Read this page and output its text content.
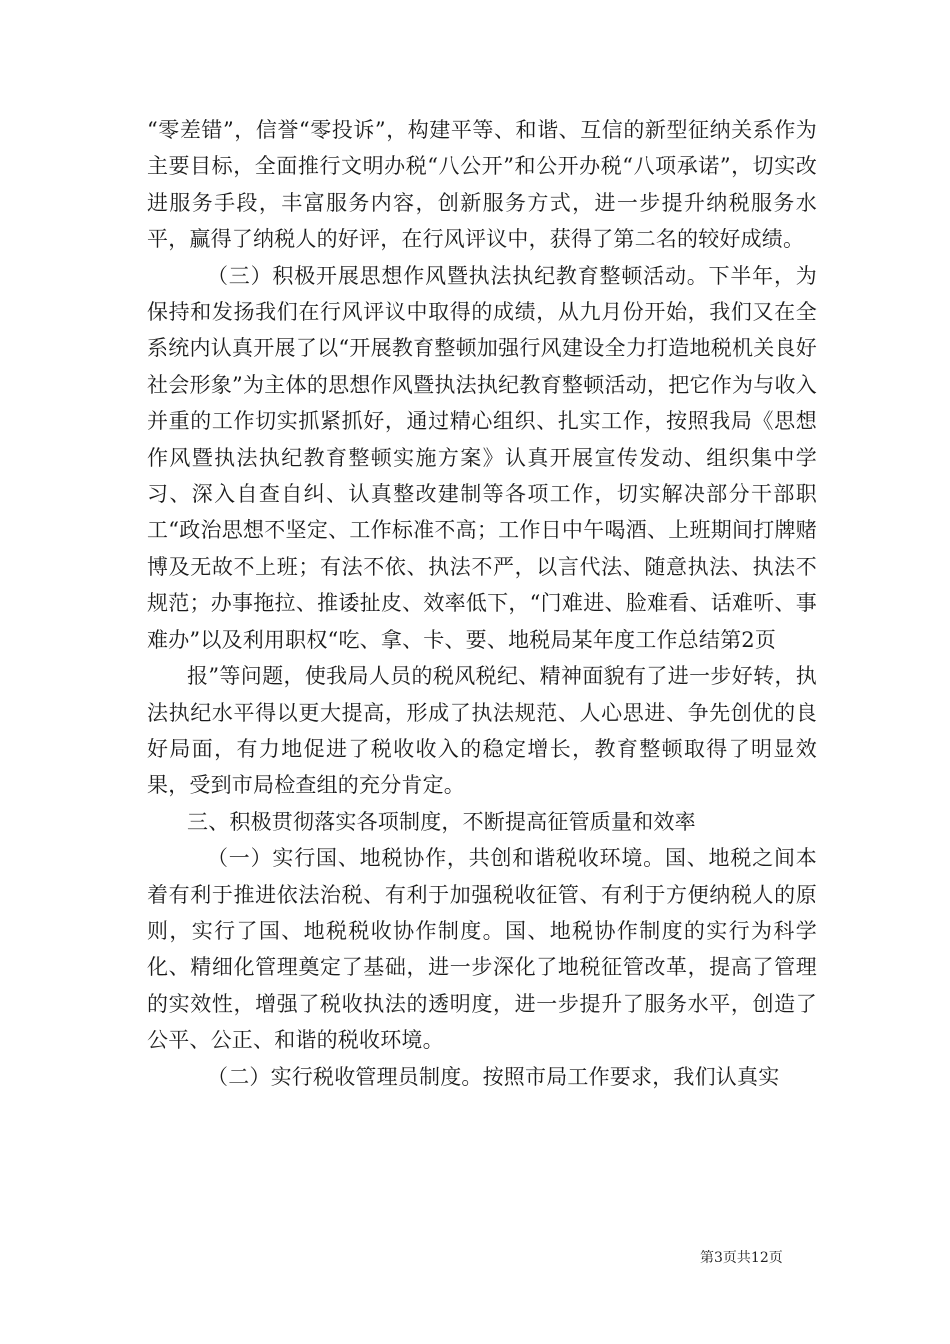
“零差错”，信誉“零投诉”，构建平等、和谐、互信的新型征纳关系作为主要目标，全面推行文明办税“八公开”和公开办税“八项承诺”，切实改进服务手段，丰富服务内容，创新服务方式，进一步提升纳税服务水平，赢得了纳税人的好评，在行风评议中，获得了第二名的较好成绩。

（三）积极开展思想作风暨执法执纪教育整顿活动。下半年，为保持和发扬我们在行风评议中取得的成绩，从九月份开始，我们又在全系统内认真开展了以“开展教育整顿加强行风建设全力打造地税机关良好社会形象”为主体的思想作风暨执法执纪教育整顿活动，把它作为与收入并重的工作切实抓紧抓好，通过精心组织、扎实工作，按照我局《思想作风暨执法执纪教育整顿实施方案》认真开展宣传发动、组织集中学习、深入自查自纠、认真整改建制等各项工作，切实解决部分干部职工“政治思想不坚定、工作标准不高；工作日中午喝酒、上班期间打牌赌博及无故不上班；有法不依、执法不严，以言代法、随意执法、执法不规范；办事拖拉、推诿扯皮、效率低下，“门难进、脸难看、话难听、事难办”以及利用职权“吃、拿、卡、要、地税局某年度工作总结第2页

报”等问题，使我局人员的税风税纪、精神面貌有了进一步好转，执法执纪水平得以更大提高，形成了执法规范、人心思进、争先创优的良好局面，有力地促进了税收收入的稳定增长，教育整顿取得了明显效果，受到市局检查组的充分肯定。

三、积极贯彻落实各项制度，不断提高征管质量和效率

（一）实行国、地税协作，共创和谐税收环境。国、地税之间本着有利于推进依法治税、有利于加强税收征管、有利于方便纳税人的原则，实行了国、地税税收协作制度。国、地税协作制度的实行为科学化、精细化管理奠定了基础，进一步深化了地税征管改革，提高了管理的实效性，增强了税收执法的透明度，进一步提升了服务水平，创造了公平、公正、和谐的税收环境。

（二）实行税收管理员制度。按照市局工作要求，我们认真实

第3页共12页
